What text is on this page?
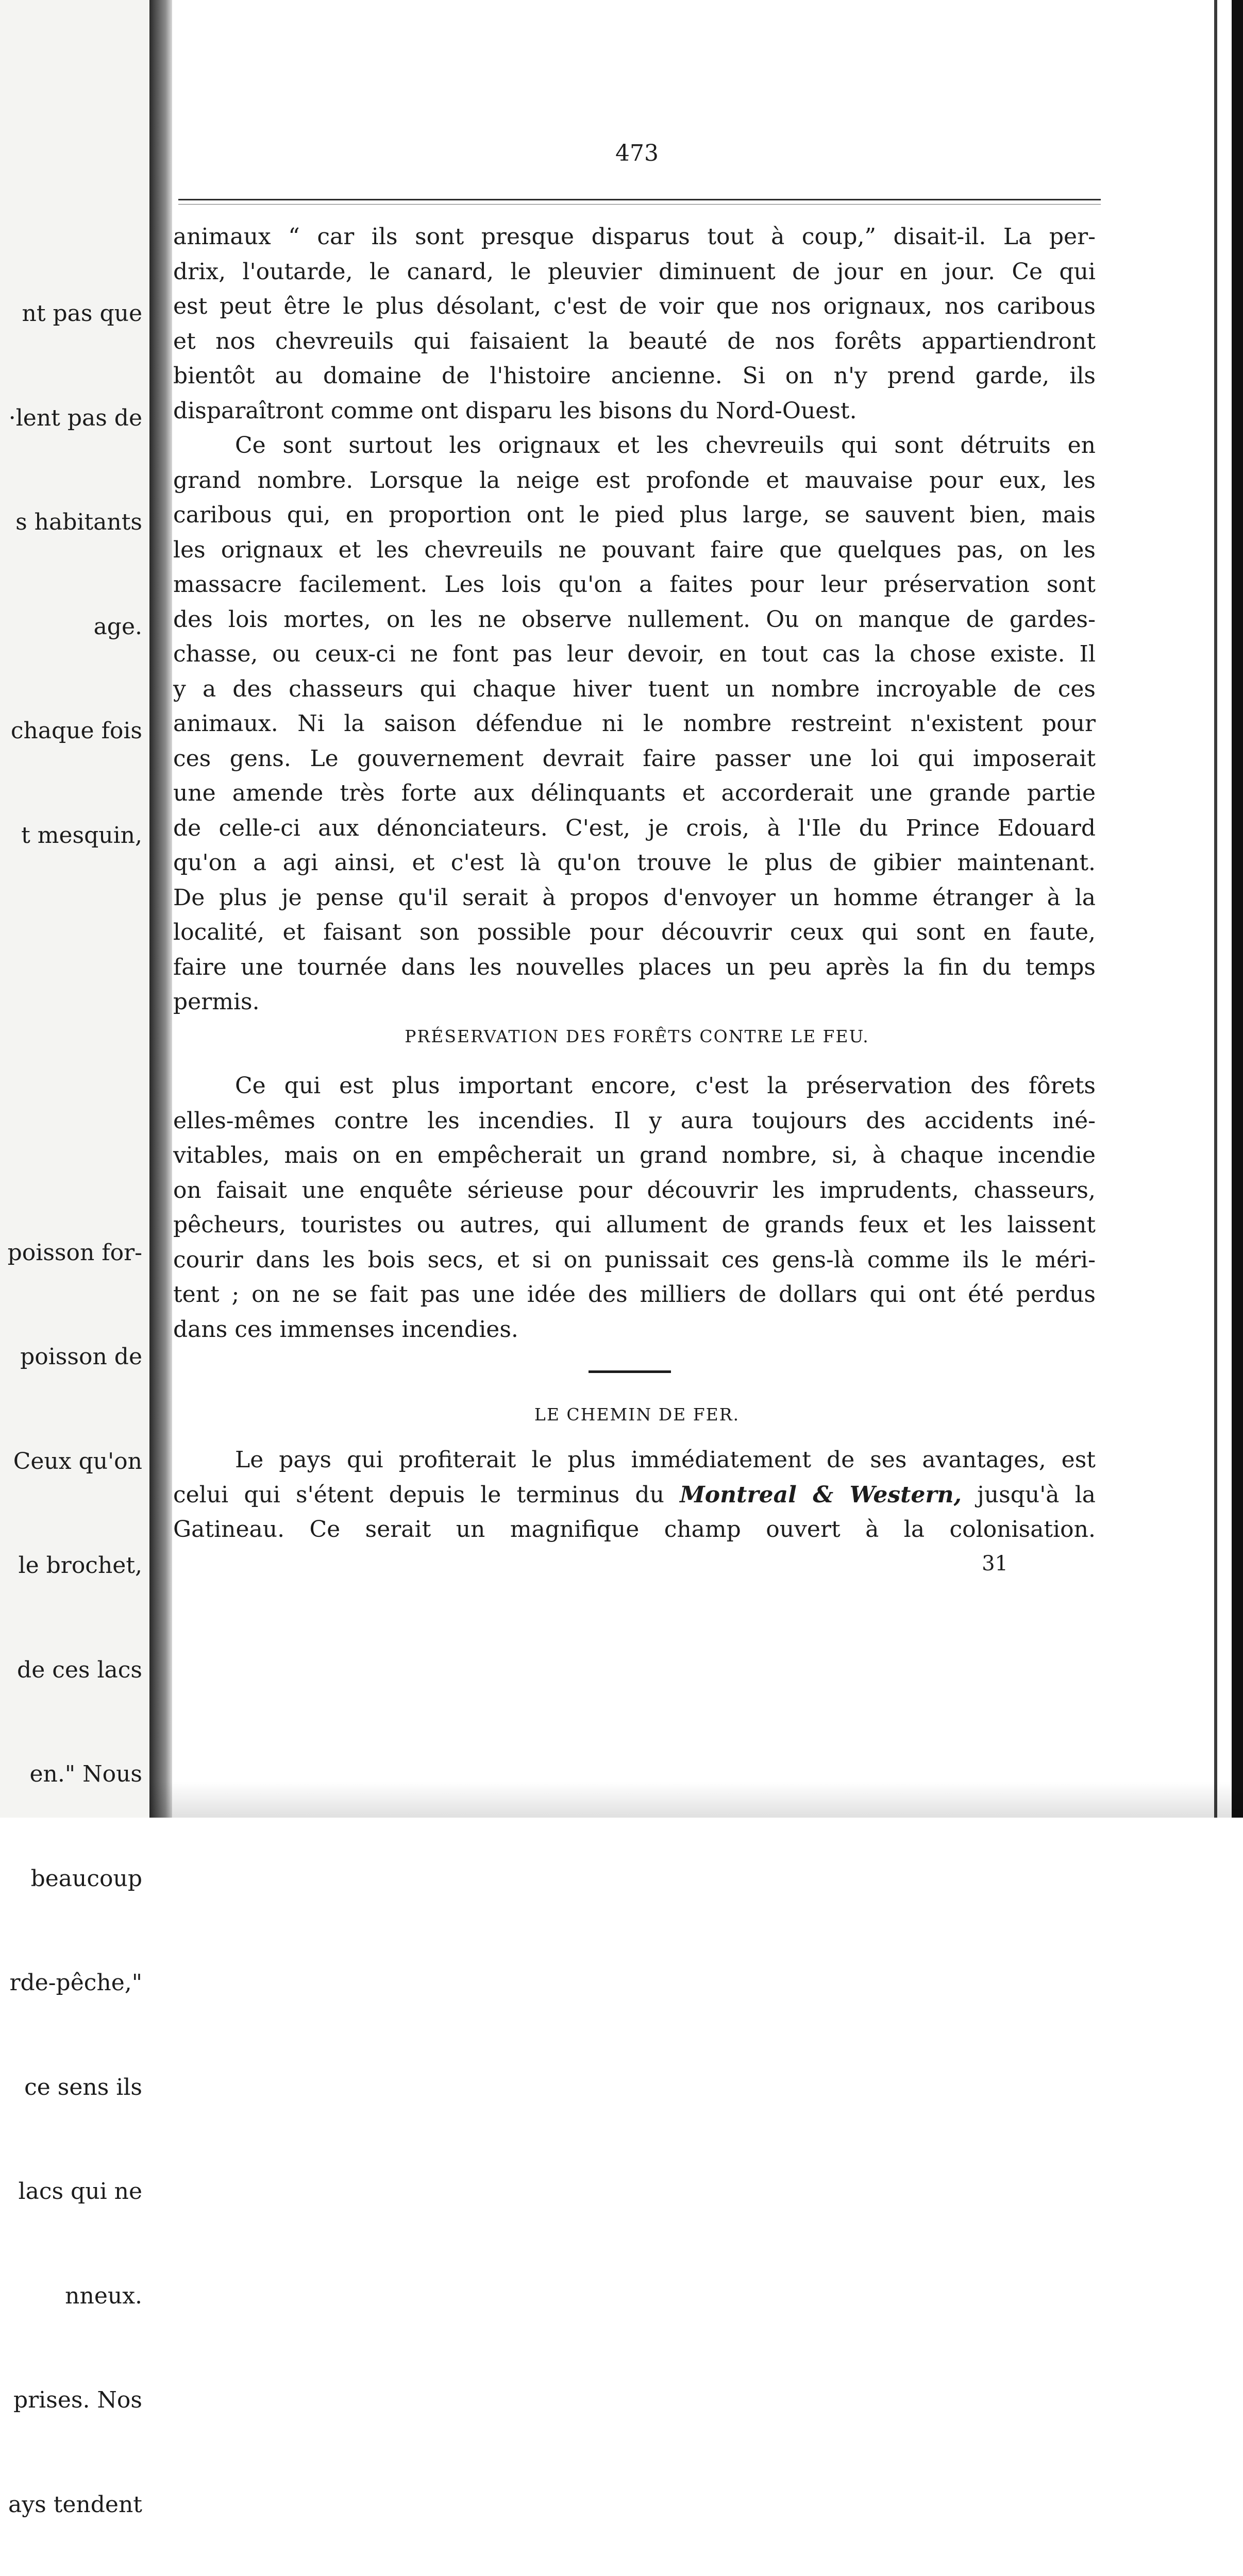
nt pas que

·lent pas de

s habitants

age.

chaque fois

t mesquin,

poisson for-

poisson de

Ceux qu'on

le brochet,

de ces lacs

en." Nous

beaucoup

rde-pêche,"

ce sens ils

lacs qui ne

nneux.

prises. Nos

ays tendent

473
animaux “ car ils sont presque disparus tout à coup,” disait-il. La per-
drix, l'outarde, le canard, le pleuvier diminuent de jour en jour. Ce qui
est peut être le plus désolant, c'est de voir que nos orignaux, nos caribous
et nos chevreuils qui faisaient la beauté de nos forêts appartiendront
bientôt au domaine de l'histoire ancienne. Si on n'y prend garde, ils
disparaîtront comme ont disparu les bisons du Nord-Ouest.
Ce sont surtout les orignaux et les chevreuils qui sont détruits en
grand nombre. Lorsque la neige est profonde et mauvaise pour eux, les
caribous qui, en proportion ont le pied plus large, se sauvent bien, mais
les orignaux et les chevreuils ne pouvant faire que quelques pas, on les
massacre facilement. Les lois qu'on a faites pour leur préservation sont
des lois mortes, on les ne observe nullement. Ou on manque de gardes-
chasse, ou ceux-ci ne font pas leur devoir, en tout cas la chose existe. Il
y a des chasseurs qui chaque hiver tuent un nombre incroyable de ces
animaux. Ni la saison défendue ni le nombre restreint n'existent pour
ces gens. Le gouvernement devrait faire passer une loi qui imposerait
une amende très forte aux délinquants et accorderait une grande partie
de celle-ci aux dénonciateurs. C'est, je crois, à l'Ile du Prince Edouard
qu'on a agi ainsi, et c'est là qu'on trouve le plus de gibier maintenant.
De plus je pense qu'il serait à propos d'envoyer un homme étranger à la
localité, et faisant son possible pour découvrir ceux qui sont en faute,
faire une tournée dans les nouvelles places un peu après la fin du temps
permis.
PRÉSERVATION DES FORÊTS CONTRE LE FEU.
Ce qui est plus important encore, c'est la préservation des fôrets
elles-mêmes contre les incendies. Il y aura toujours des accidents iné-
vitables, mais on en empêcherait un grand nombre, si, à chaque incendie
on faisait une enquête sérieuse pour découvrir les imprudents, chasseurs,
pêcheurs, touristes ou autres, qui allument de grands feux et les laissent
courir dans les bois secs, et si on punissait ces gens-là comme ils le méri-
tent ; on ne se fait pas une idée des milliers de dollars qui ont été perdus
dans ces immenses incendies.
LE CHEMIN DE FER.
Le pays qui profiterait le plus immédiatement de ses avantages, est
celui qui s'étent depuis le terminus du Montreal & Western, jusqu'à la
Gatineau. Ce serait un magnifique champ ouvert à la colonisation.
31
